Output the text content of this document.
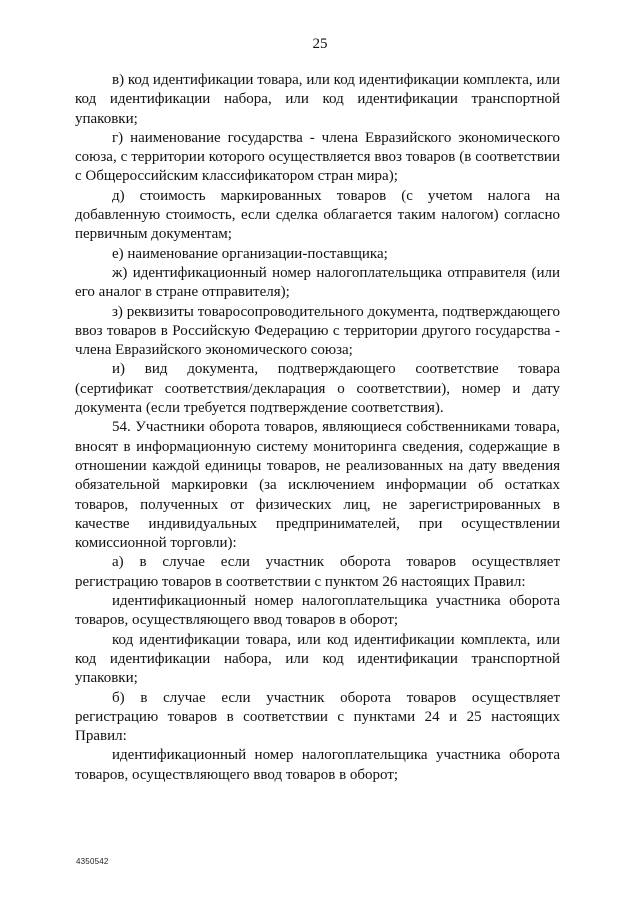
25

в) код идентификации товара, или код идентификации комплекта, или код идентификации набора, или код идентификации транспортной упаковки;

г) наименование государства - члена Евразийского экономического союза, с территории которого осуществляется ввоз товаров (в соответствии с Общероссийским классификатором стран мира);

д) стоимость маркированных товаров (с учетом налога на добавленную стоимость, если сделка облагается таким налогом) согласно первичным документам;

е) наименование организации-поставщика;

ж) идентификационный номер налогоплательщика отправителя (или его аналог в стране отправителя);

з) реквизиты товаросопроводительного документа, подтверждающего ввоз товаров в Российскую Федерацию с территории другого государства - члена Евразийского экономического союза;

и) вид документа, подтверждающего соответствие товара (сертификат соответствия/декларация о соответствии), номер и дату документа (если требуется подтверждение соответствия).

54. Участники оборота товаров, являющиеся собственниками товара, вносят в информационную систему мониторинга сведения, содержащие в отношении каждой единицы товаров, не реализованных на дату введения обязательной маркировки (за исключением информации об остатках товаров, полученных от физических лиц, не зарегистрированных в качестве индивидуальных предпринимателей, при осуществлении комиссионной торговли):

а) в случае если участник оборота товаров осуществляет регистрацию товаров в соответствии с пунктом 26 настоящих Правил:

идентификационный номер налогоплательщика участника оборота товаров, осуществляющего ввод товаров в оборот;

код идентификации товара, или код идентификации комплекта, или код идентификации набора, или код идентификации транспортной упаковки;

б) в случае если участник оборота товаров осуществляет регистрацию товаров в соответствии с пунктами 24 и 25 настоящих Правил:

идентификационный номер налогоплательщика участника оборота товаров, осуществляющего ввод товаров в оборот;

4350542
